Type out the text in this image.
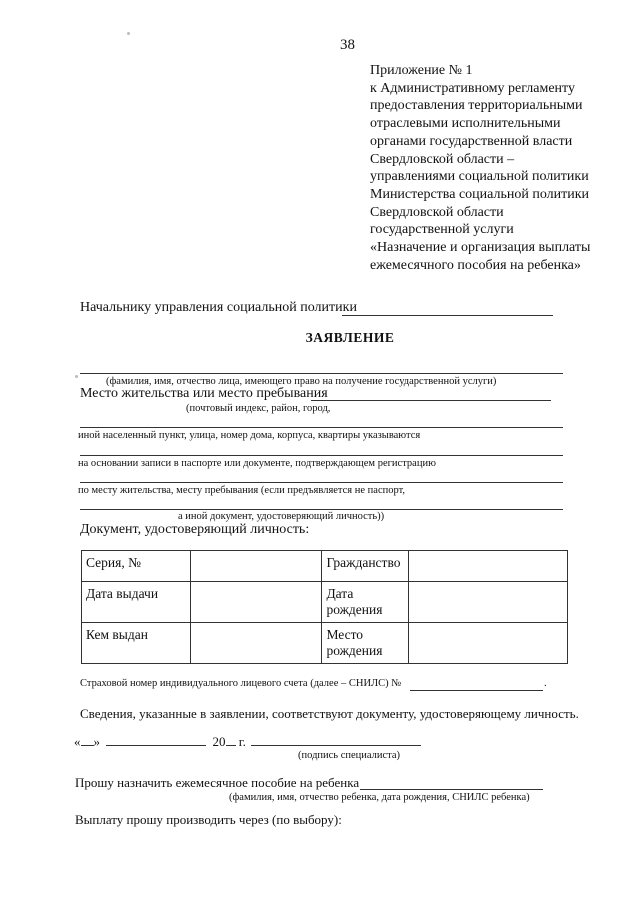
38
Приложение № 1
к Административному регламенту
предоставления территориальными
отраслевыми исполнительными
органами государственной власти
Свердловской области –
управлениями социальной политики
Министерства социальной политики
Свердловской области
государственной услуги
«Назначение и организация выплаты
ежемесячного пособия на ребенка»
Начальнику управления социальной политики
ЗАЯВЛЕНИЕ
(фамилия, имя, отчество лица, имеющего право на получение государственной услуги)
Место жительства или место пребывания
(почтовый индекс, район, город,
иной населенный пункт, улица, номер дома, корпуса, квартиры указываются
на основании записи в паспорте или документе, подтверждающем регистрацию
по месту жительства, месту пребывания (если предъявляется не паспорт,
а иной документ, удостоверяющий личность))
Документ, удостоверяющий личность:
Серия, №		Гражданство	
Дата выдачи		Дата
рождения	
Кем выдан		Место
рождения	
Страховой номер индивидуального лицевого счета (далее – СНИЛС) №	.
Сведения, указанные в заявлении, соответствуют документу, удостоверяющему личность.
« »	20 г.
(подпись специалиста)
Прошу назначить ежемесячное пособие на ребенка
(фамилия, имя, отчество ребенка, дата рождения, СНИЛС ребенка)
Выплату прошу производить через (по выбору):
